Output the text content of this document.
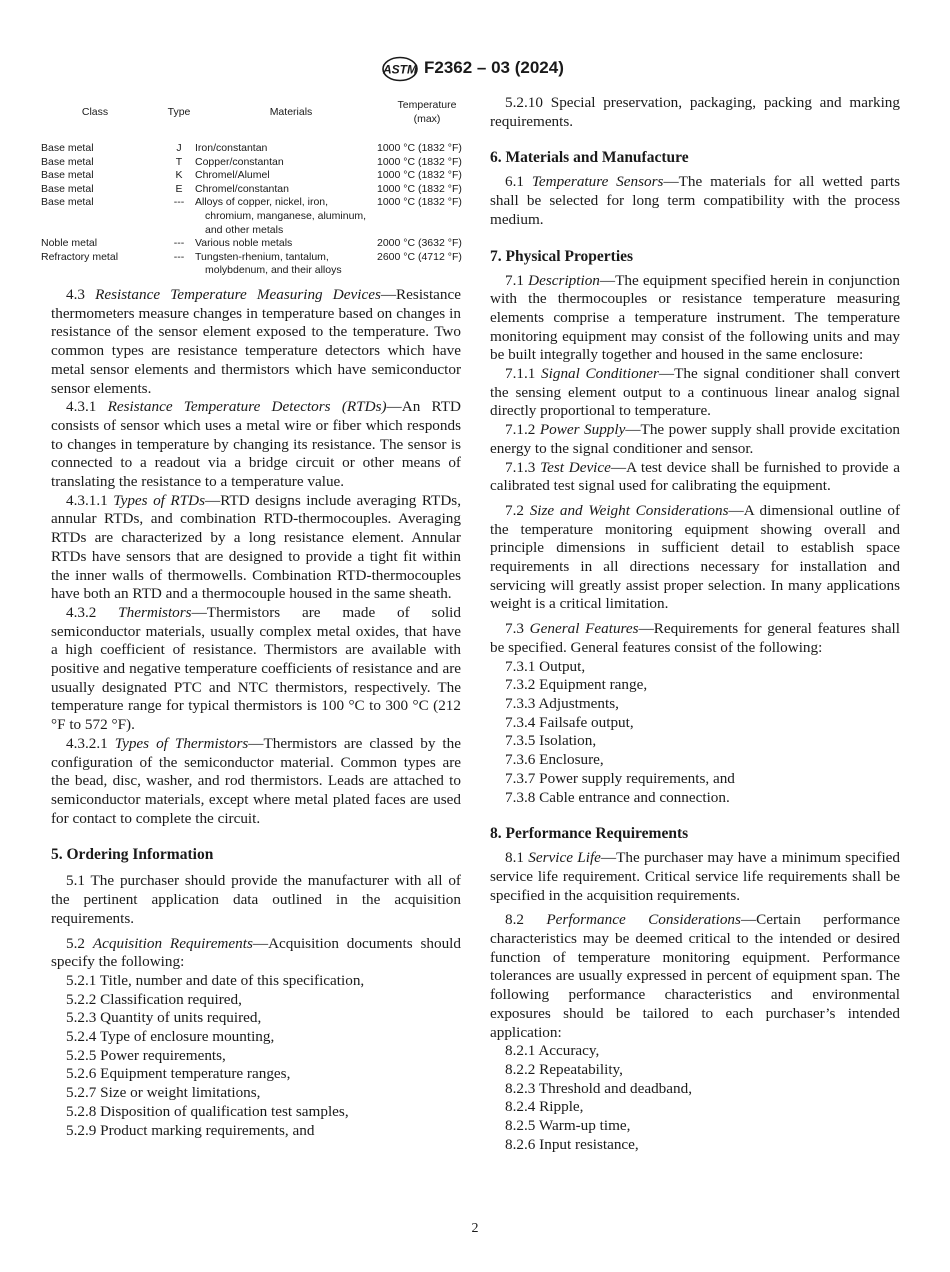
ASTM F2362 – 03 (2024)
Class	Type	Materials	Temperature
(max)

Base metal	J	Iron/constantan	1000 °C (1832 °F)
Base metal	T	Copper/constantan	1000 °C (1832 °F)
Base metal	K	Chromel/Alumel	1000 °C (1832 °F)
Base metal	E	Chromel/constantan	1000 °C (1832 °F)
Base metal	---	Alloys of copper, nickel, iron, chromium, manganese, aluminum, and other metals	1000 °C (1832 °F)
Noble metal	---	Various noble metals	2000 °C (3632 °F)
Refractory metal	---	Tungsten-rhenium, tantalum, molybdenum, and their alloys	2600 °C (4712 °F)

4.3 Resistance Temperature Measuring Devices—Resistance thermometers measure changes in temperature based on changes in resistance of the sensor element exposed to the temperature. Two common types are resistance temperature detectors which have metal sensor elements and thermistors which have semiconductor sensor elements.

4.3.1 Resistance Temperature Detectors (RTDs)—An RTD consists of sensor which uses a metal wire or fiber which responds to changes in temperature by changing its resistance. The sensor is connected to a readout via a bridge circuit or other means of translating the resistance to a temperature value.

4.3.1.1 Types of RTDs—RTD designs include averaging RTDs, annular RTDs, and combination RTD-thermocouples. Averaging RTDs are characterized by a long resistance element. Annular RTDs have sensors that are designed to provide a tight fit within the inner walls of thermowells. Combination RTD-thermocouples have both an RTD and a thermocouple housed in the same sheath.

4.3.2 Thermistors—Thermistors are made of solid semiconductor materials, usually complex metal oxides, that have a high coefficient of resistance. Thermistors are available with positive and negative temperature coefficients of resistance and are usually designated PTC and NTC thermistors, respectively. The temperature range for typical thermistors is 100 °C to 300 °C (212 °F to 572 °F).

4.3.2.1 Types of Thermistors—Thermistors are classed by the configuration of the semiconductor material. Common types are the bead, disc, washer, and rod thermistors. Leads are attached to semiconductor materials, except where metal plated faces are used for contact to complete the circuit.

5. Ordering Information

5.1 The purchaser should provide the manufacturer with all of the pertinent application data outlined in the acquisition requirements.

5.2 Acquisition Requirements—Acquisition documents should specify the following:

5.2.1 Title, number and date of this specification,

5.2.2 Classification required,

5.2.3 Quantity of units required,

5.2.4 Type of enclosure mounting,

5.2.5 Power requirements,

5.2.6 Equipment temperature ranges,

5.2.7 Size or weight limitations,

5.2.8 Disposition of qualification test samples,

5.2.9 Product marking requirements, and

5.2.10 Special preservation, packaging, packing and marking requirements.

6. Materials and Manufacture

6.1 Temperature Sensors—The materials for all wetted parts shall be selected for long term compatibility with the process medium.

7. Physical Properties

7.1 Description—The equipment specified herein in conjunction with the thermocouples or resistance temperature measuring elements comprise a temperature instrument. The temperature monitoring equipment may consist of the following units and may be built integrally together and housed in the same enclosure:

7.1.1 Signal Conditioner—The signal conditioner shall convert the sensing element output to a continuous linear analog signal directly proportional to temperature.

7.1.2 Power Supply—The power supply shall provide excitation energy to the signal conditioner and sensor.

7.1.3 Test Device—A test device shall be furnished to provide a calibrated test signal used for calibrating the equipment.

7.2 Size and Weight Considerations—A dimensional outline of the temperature monitoring equipment showing overall and principle dimensions in sufficient detail to establish space requirements in all directions necessary for installation and servicing will greatly assist proper selection. In many applications weight is a critical limitation.

7.3 General Features—Requirements for general features shall be specified. General features consist of the following:

7.3.1 Output,

7.3.2 Equipment range,

7.3.3 Adjustments,

7.3.4 Failsafe output,

7.3.5 Isolation,

7.3.6 Enclosure,

7.3.7 Power supply requirements, and

7.3.8 Cable entrance and connection.

8. Performance Requirements

8.1 Service Life—The purchaser may have a minimum specified service life requirement. Critical service life requirements shall be specified in the acquisition requirements.

8.2 Performance Considerations—Certain performance characteristics may be deemed critical to the intended or desired function of temperature monitoring equipment. Performance tolerances are usually expressed in percent of equipment span. The following performance characteristics and environmental exposures should be tailored to each purchaser’s intended application:

8.2.1 Accuracy,

8.2.2 Repeatability,

8.2.3 Threshold and deadband,

8.2.4 Ripple,

8.2.5 Warm-up time,

8.2.6 Input resistance,

2
